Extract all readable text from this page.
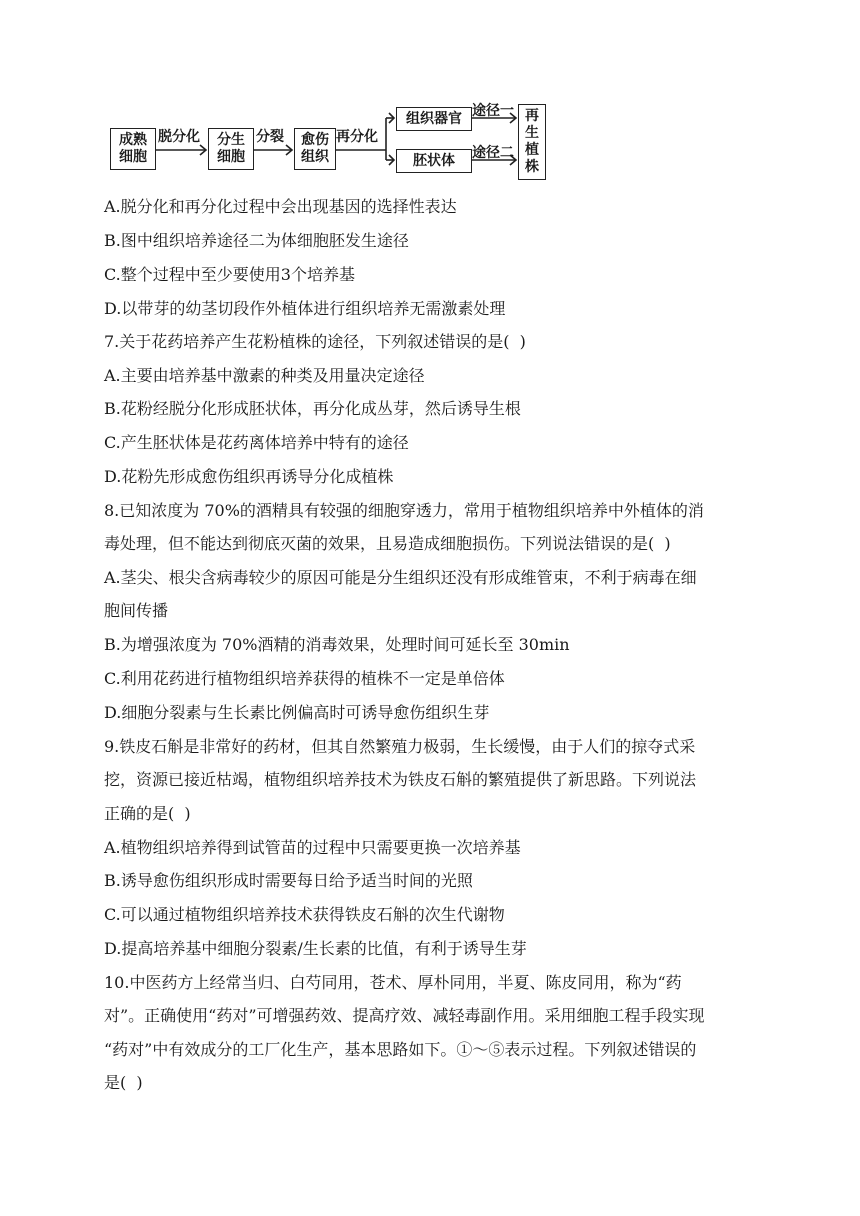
成熟
细胞
脱分化 分生
细胞
分裂 愈伤
组织
再分化
组织器官
胚状体
途径一
途径二
再
生
植
株
A.脱分化和再分化过程中会出现基因的选择性表达
B.图中组织培养途径二为体细胞胚发生途径
C.整个过程中至少要使用3个培养基
D.以带芽的幼茎切段作外植体进行组织培养无需激素处理
7.关于花药培养产生花粉植株的途径，下列叙述错误的是(  )
A.主要由培养基中激素的种类及用量决定途径
B.花粉经脱分化形成胚状体，再分化成丛芽，然后诱导生根
C.产生胚状体是花药离体培养中特有的途径
D.花粉先形成愈伤组织再诱导分化成植株
8.已知浓度为 70%的酒精具有较强的细胞穿透力，常用于植物组织培养中外植体的消
毒处理，但不能达到彻底灭菌的效果，且易造成细胞损伤。下列说法错误的是(  )
A.茎尖、根尖含病毒较少的原因可能是分生组织还没有形成维管束，不利于病毒在细
胞间传播
B.为增强浓度为 70%酒精的消毒效果，处理时间可延长至 30min
C.利用花药进行植物组织培养获得的植株不一定是单倍体
D.细胞分裂素与生长素比例偏高时可诱导愈伤组织生芽
9.铁皮石斛是非常好的药材，但其自然繁殖力极弱，生长缓慢，由于人们的掠夺式采
挖，资源已接近枯竭，植物组织培养技术为铁皮石斛的繁殖提供了新思路。下列说法
正确的是(  )
A.植物组织培养得到试管苗的过程中只需要更换一次培养基
B.诱导愈伤组织形成时需要每日给予适当时间的光照
C.可以通过植物组织培养技术获得铁皮石斛的次生代谢物
D.提高培养基中细胞分裂素/生长素的比值，有利于诱导生芽
10.中医药方上经常当归、白芍同用，苍术、厚朴同用，半夏、陈皮同用，称为“药
对”。正确使用“药对”可增强药效、提高疗效、减轻毒副作用。采用细胞工程手段实现
“药对”中有效成分的工厂化生产，基本思路如下。①～⑤表示过程。下列叙述错误的
是(  )
